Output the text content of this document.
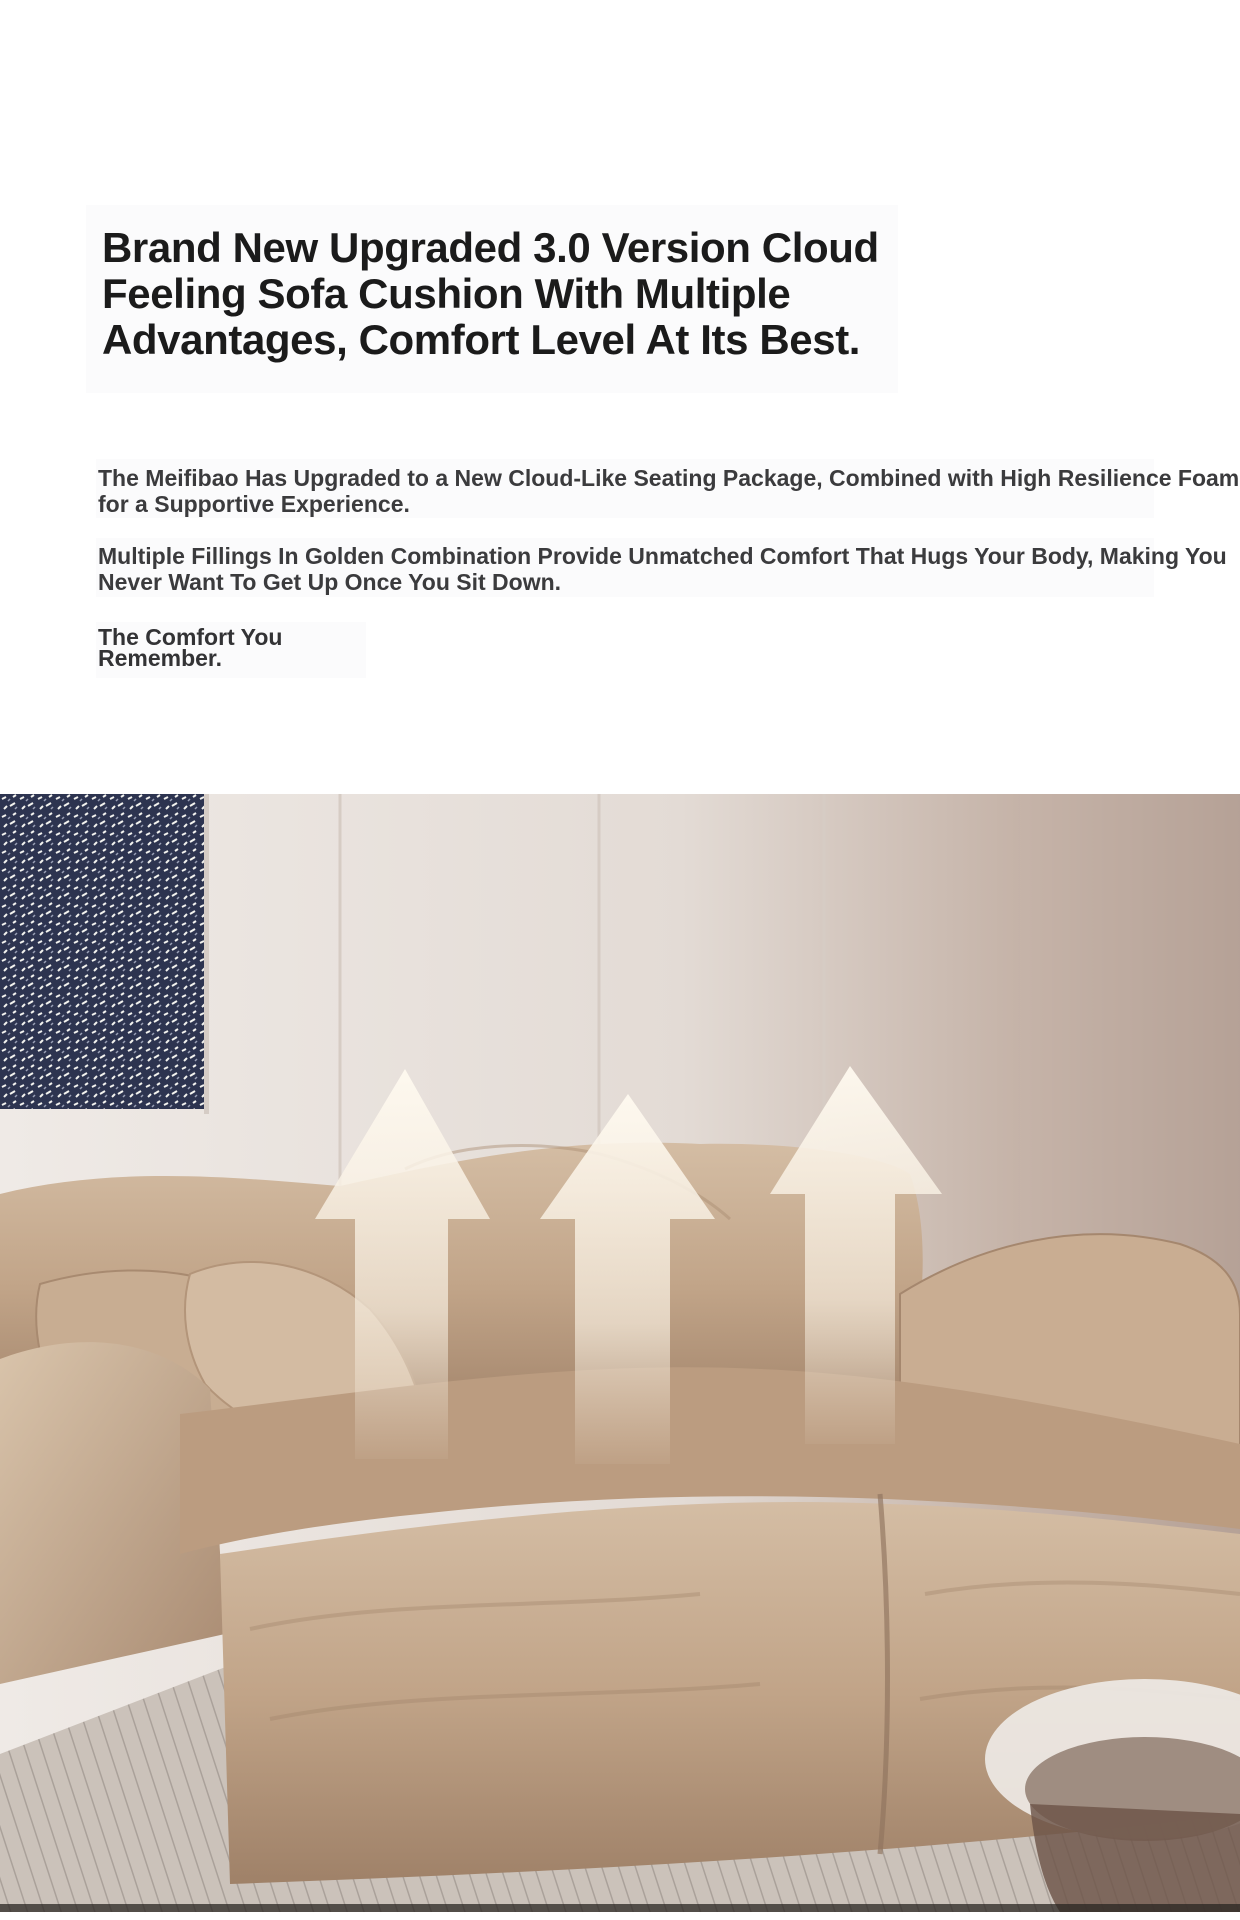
Brand New Upgraded 3.0 Version Cloud Feeling Sofa Cushion With Multiple Advantages, Comfort Level At Its Best.

The Meifibao Has Upgraded to a New Cloud-Like Seating Package, Combined with High Resilience Foam for a Supportive Experience.

Multiple Fillings In Golden Combination Provide Unmatched Comfort That Hugs Your Body, Making You Never Want To Get Up Once You Sit Down.

The Comfort You Remember.
